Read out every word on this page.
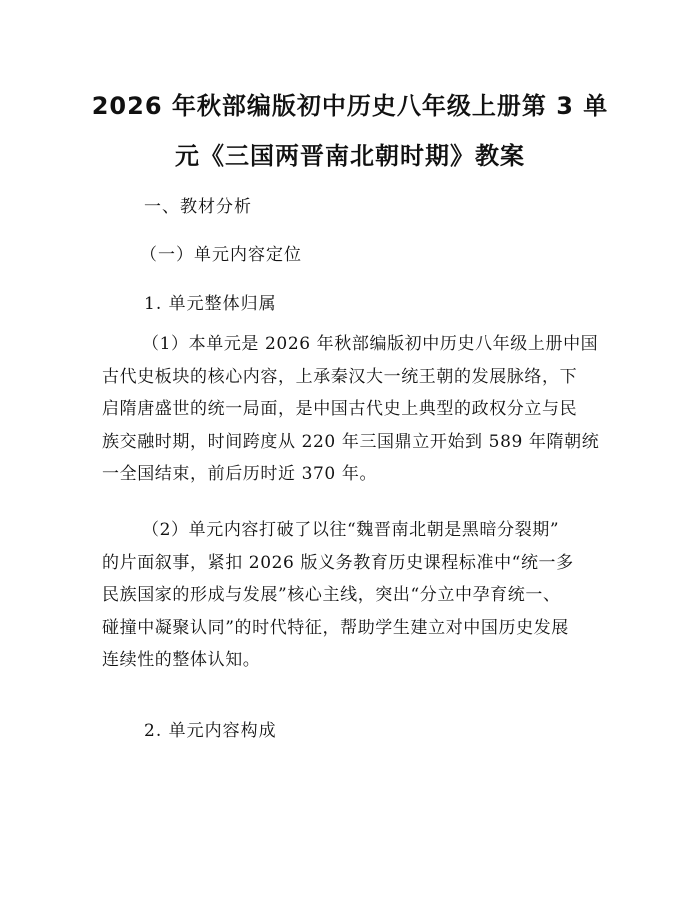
2026 年秋部编版初中历史八年级上册第 3 单
元《三国两晋南北朝时期》教案

一、教材分析

（一）单元内容定位

1. 单元整体归属

（1）本单元是 2026 年秋部编版初中历史八年级上册中国
古代史板块的核心内容，上承秦汉大一统王朝的发展脉络，下
启隋唐盛世的统一局面，是中国古代史上典型的政权分立与民
族交融时期，时间跨度从 220 年三国鼎立开始到 589 年隋朝统
一全国结束，前后历时近 370 年。

（2）单元内容打破了以往“魏晋南北朝是黑暗分裂期”
的片面叙事，紧扣 2026 版义务教育历史课程标准中“统一多
民族国家的形成与发展”核心主线，突出“分立中孕育统一、
碰撞中凝聚认同”的时代特征，帮助学生建立对中国历史发展
连续性的整体认知。

2. 单元内容构成
